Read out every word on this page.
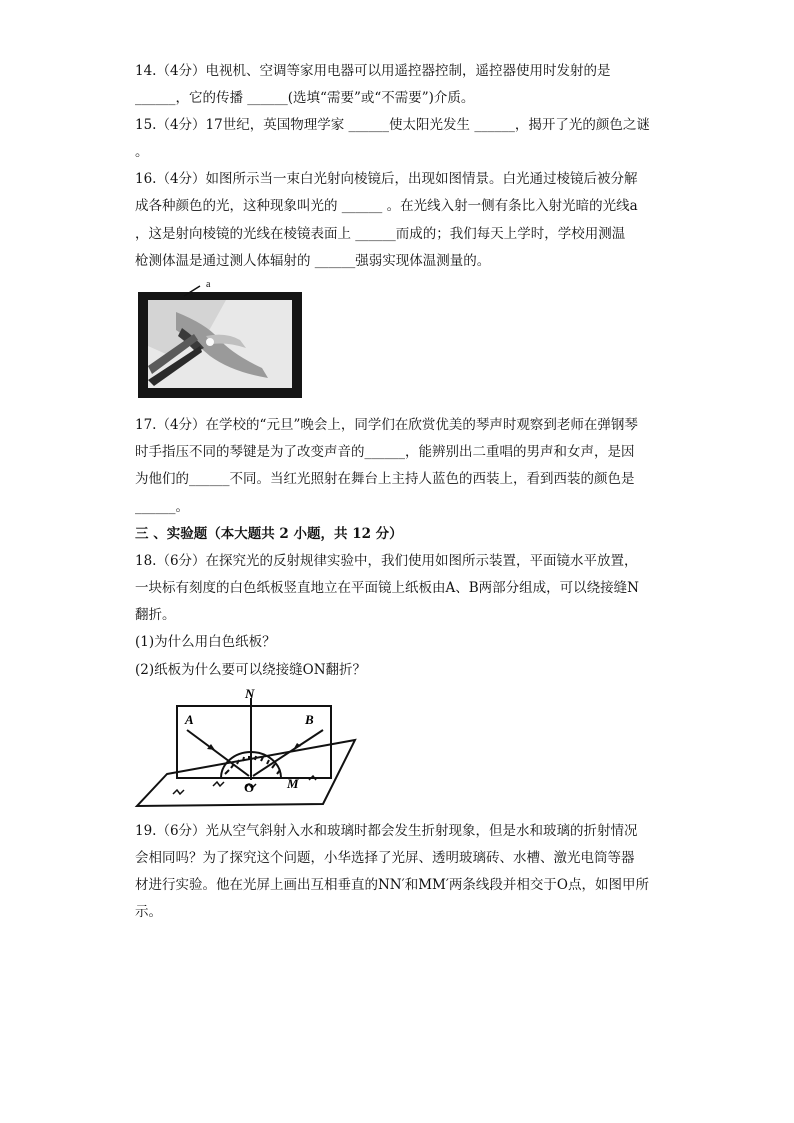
14.（4分）电视机、空调等家用电器可以用遥控器控制，遥控器使用时发射的是
______，它的传播 ______(选填“需要”或“不需要”)介质。
15.（4分）17世纪，英国物理学家 ______使太阳光发生 ______，揭开了光的颜色之谜
。
16.（4分）如图所示当一束白光射向棱镜后，出现如图情景。白光通过棱镜后被分解
成各种颜色的光，这种现象叫光的 ______ 。在光线入射一侧有条比入射光暗的光线a
，这是射向棱镜的光线在棱镜表面上 ______而成的；我们每天上学时，学校用测温
枪测体温是通过测人体辐射的 ______强弱实现体温测量的。
a
17.（4分）在学校的“元旦”晚会上，同学们在欣赏优美的琴声时观察到老师在弹钢琴
时手指压不同的琴键是为了改变声音的______，能辨别出二重唱的男声和女声，是因
为他们的______不同。当红光照射在舞台上主持人蓝色的西装上，看到西装的颜色是
______。
三 、实验题（本大题共 2 小题，共 12 分）
18.（6分）在探究光的反射规律实验中，我们使用如图所示装置，平面镜水平放置，
一块标有刻度的白色纸板竖直地立在平面镜上纸板由A、B两部分组成，可以绕接缝N
翻折。
(1)为什么用白色纸板？
(2)纸板为什么要可以绕接缝ON翻折？
N
A	B
O	M
19.（6分）光从空气斜射入水和玻璃时都会发生折射现象，但是水和玻璃的折射情况
会相同吗？为了探究这个问题，小华选择了光屏、透明玻璃砖、水槽、激光电筒等器
材进行实验。他在光屏上画出互相垂直的NN′和MM′两条线段并相交于O点，如图甲所
示。
